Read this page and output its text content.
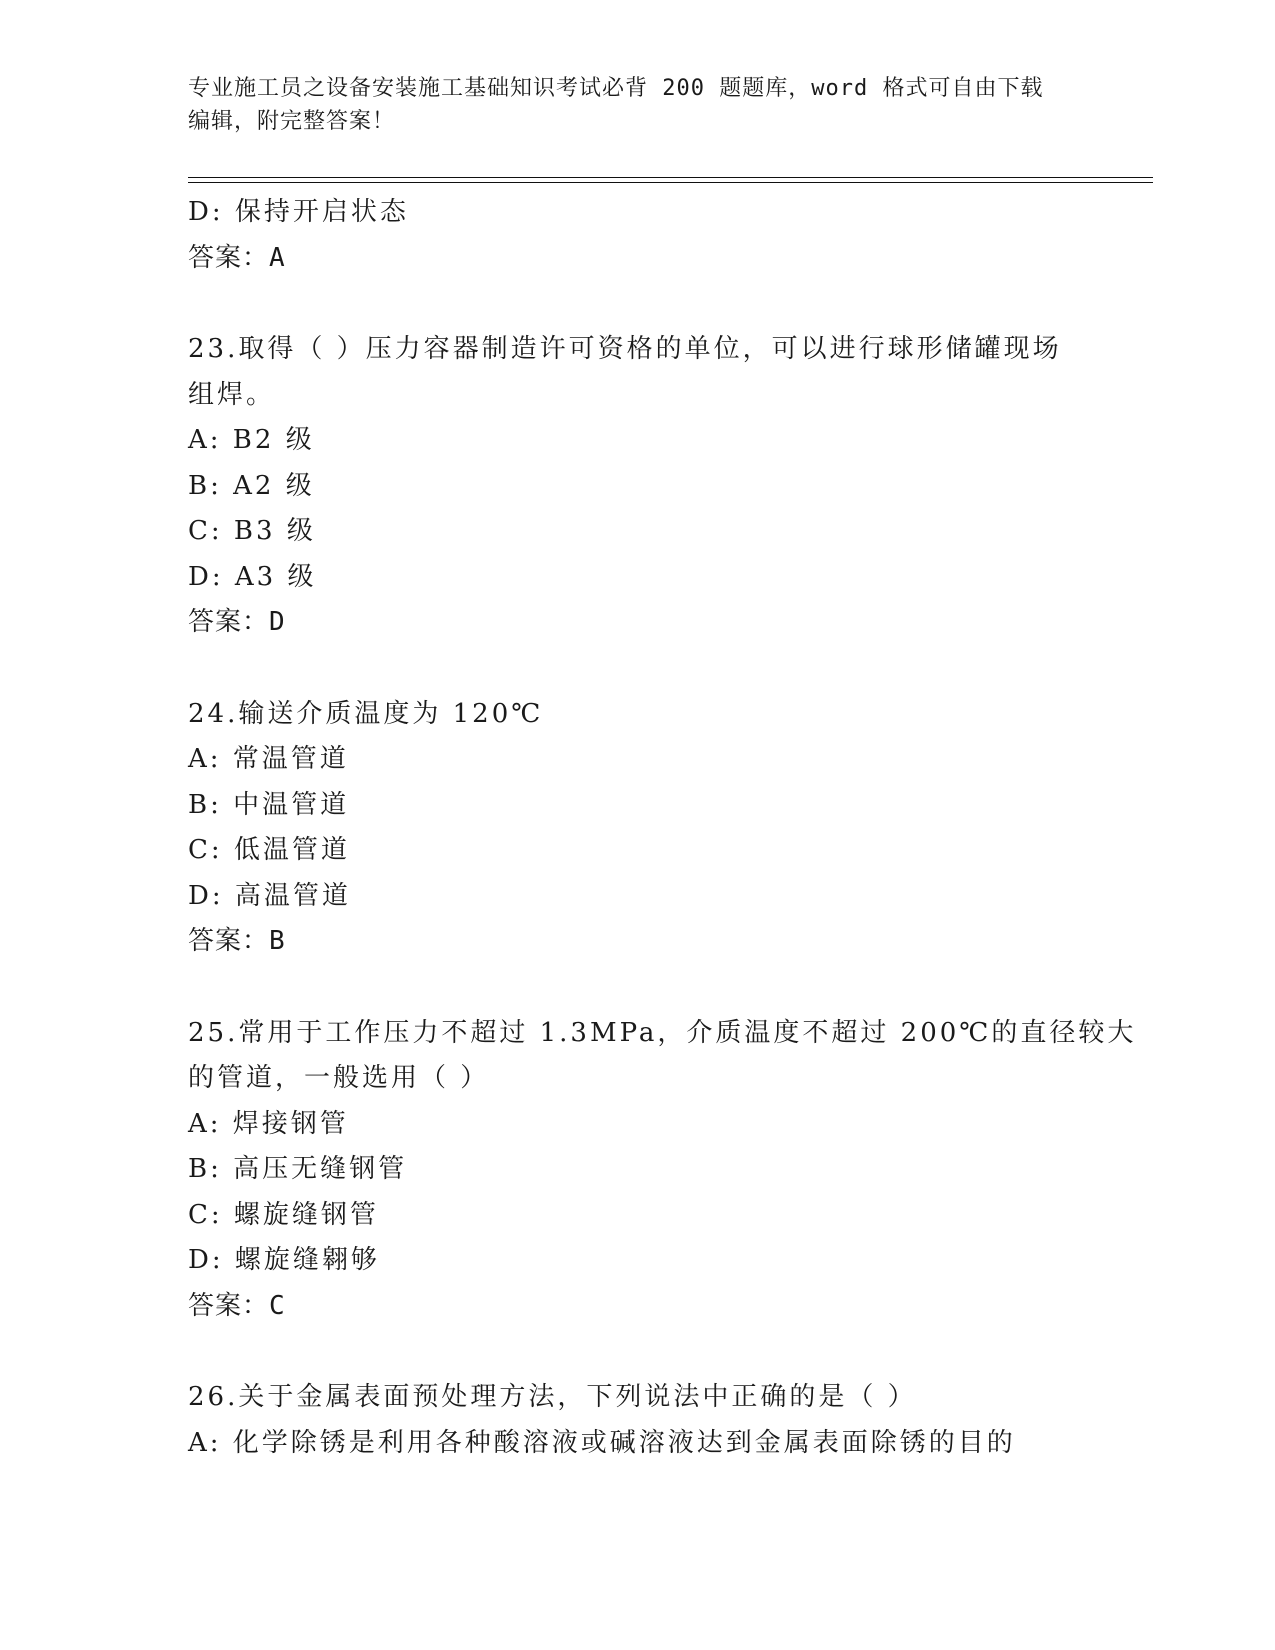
专业施工员之设备安装施工基础知识考试必背 200 题题库，word 格式可自由下载
编辑，附完整答案！
D: 保持开启状态
答案：A
23.取得（ ）压力容器制造许可资格的单位，可以进行球形储罐现场
组焊。
A: B2 级
B: A2 级
C: B3 级
D: A3 级
答案：D
24.输送介质温度为 120℃
A: 常温管道
B: 中温管道
C: 低温管道
D: 高温管道
答案：B
25.常用于工作压力不超过 1.3MPa，介质温度不超过 200℃的直径较大
的管道，一般选用（ ）
A: 焊接钢管
B: 高压无缝钢管
C: 螺旋缝钢管
D: 螺旋缝翱够
答案：C
26.关于金属表面预处理方法，下列说法中正确的是（ ）
A: 化学除锈是利用各种酸溶液或碱溶液达到金属表面除锈的目的
